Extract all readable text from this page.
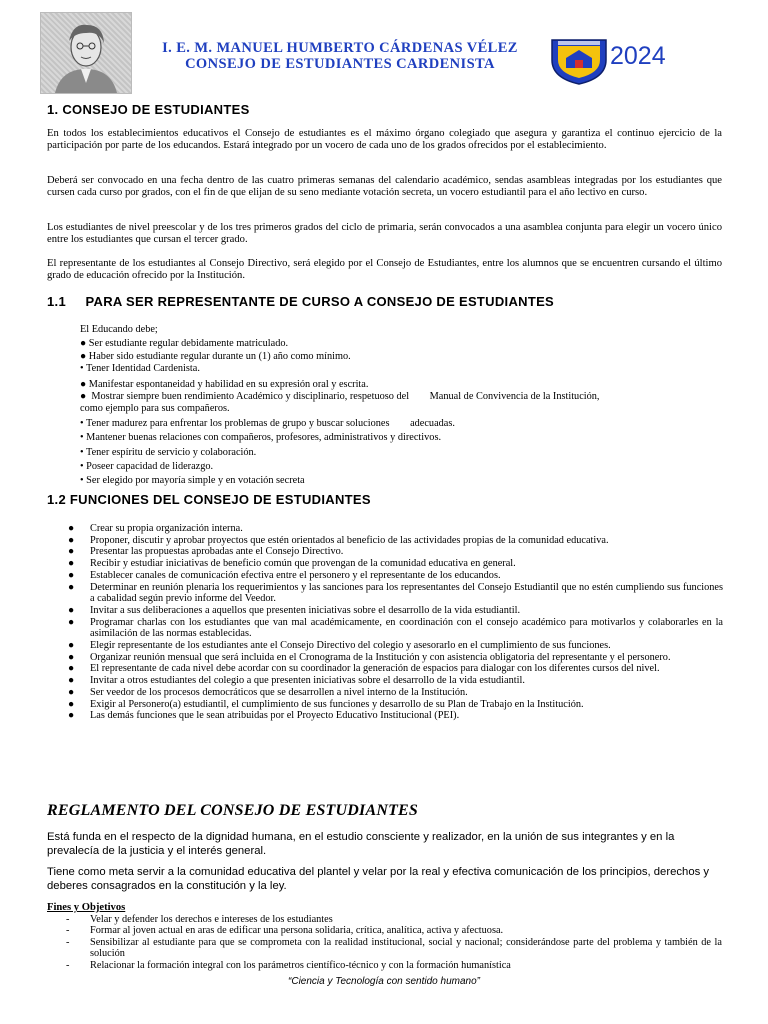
I. E. M. MANUEL HUMBERTO CÁRDENAS VÉLEZ
CONSEJO DE ESTUDIANTES CARDENISTA	2024
1. CONSEJO DE ESTUDIANTES

En todos los establecimientos educativos el Consejo de estudiantes es el máximo órgano colegiado que asegura y garantiza el continuo ejercicio de la participación por parte de los educandos. Estará integrado por un vocero de cada uno de los grados ofrecidos por el establecimiento.

Deberá ser convocado en una fecha dentro de las cuatro primeras semanas del calendario académico, sendas asambleas integradas por los estudiantes que cursen cada curso por grados, con el fin de que elijan de su seno mediante votación secreta, un vocero estudiantil para el año lectivo en curso.

Los estudiantes de nivel preescolar y de los tres primeros grados del ciclo de primaria, serán convocados a una asamblea conjunta para elegir un vocero único entre los estudiantes que cursan el tercer grado.

El representante de los estudiantes al Consejo Directivo, será elegido por el Consejo de Estudiantes, entre los alumnos que se encuentren cursando el último grado de educación ofrecido por la Institución.

1.1     PARA SER REPRESENTANTE DE CURSO A CONSEJO DE ESTUDIANTES
El Educando debe;
● Ser estudiante regular debidamente matriculado.
● Haber sido estudiante regular durante un (1) año como mínimo.
• Tener Identidad Cardenista.
● Manifestar espontaneidad y habilidad en su expresión oral y escrita.
●  Mostrar siempre buen rendimiento Académico y disciplinario, respetuoso del        Manual de Convivencia de la Institución,
como ejemplo para sus compañeros.
• Tener madurez para enfrentar los problemas de grupo y buscar soluciones        adecuadas.
• Mantener buenas relaciones con compañeros, profesores, administrativos y directivos.
• Tener espíritu de servicio y colaboración.
• Poseer capacidad de liderazgo.
• Ser elegido por mayoría simple y en votación secreta
1.2 FUNCIONES DEL CONSEJO DE ESTUDIANTES
● Crear su propia organización interna.
● Proponer, discutir y aprobar proyectos que estén orientados al beneficio de las actividades propias de la comunidad educativa.
● Presentar las propuestas aprobadas ante el Consejo Directivo.
● Recibir y estudiar iniciativas de beneficio común que provengan de la comunidad educativa en general.
● Establecer canales de comunicación efectiva entre el personero y el representante de los educandos.
● Determinar en reunión plenaria los requerimientos y las sanciones para los representantes del Consejo Estudiantil que no estén cumpliendo sus funciones a cabalidad según previo informe del Veedor.
● Invitar a sus deliberaciones a aquellos que presenten iniciativas sobre el desarrollo de la vida estudiantil.
● Programar charlas con los estudiantes que van mal académicamente, en coordinación con el consejo académico para motivarlos y colaborarles en la asimilación de las normas establecidas.
● Elegir representante de los estudiantes ante el Consejo Directivo del colegio y asesorarlo en el cumplimiento de sus funciones.
● Organizar reunión mensual que será incluida en el Cronograma de la Institución y con asistencia obligatoria del representante y el personero.
● El representante de cada nivel debe acordar con su coordinador la generación de espacios para dialogar con los diferentes cursos del nivel.
● Invitar a otros estudiantes del colegio a que presenten iniciativas sobre el desarrollo de la vida estudiantil.
● Ser veedor de los procesos democráticos que se desarrollen a nivel interno de la Institución.
● Exigir al Personero(a) estudiantil, el cumplimiento de sus funciones y desarrollo de su Plan de Trabajo en la Institución.
● Las demás funciones que le sean atribuidas por el Proyecto Educativo Institucional (PEI).
REGLAMENTO DEL CONSEJO DE ESTUDIANTES

Está funda en el respecto de la dignidad humana, en el estudio consciente y realizador, en la unión de sus integrantes y en la prevalecía de la justicia y el interés general.

Tiene como meta servir a la comunidad educativa del plantel y velar por la real y efectiva comunicación de los principios, derechos y deberes consagrados en la constitución y la ley.

Fines y Objetivos
- Velar y defender los derechos e intereses de los estudiantes
- Formar al joven actual en aras de edificar una persona solidaria, crítica, analítica, activa y afectuosa.
- Sensibilizar al estudiante para que se comprometa con la realidad institucional, social y nacional; considerándose parte del problema y también de la solución
- Relacionar la formación integral con los parámetros científico-técnico y con la formación humanística
“Ciencia y Tecnología con sentido humano”
